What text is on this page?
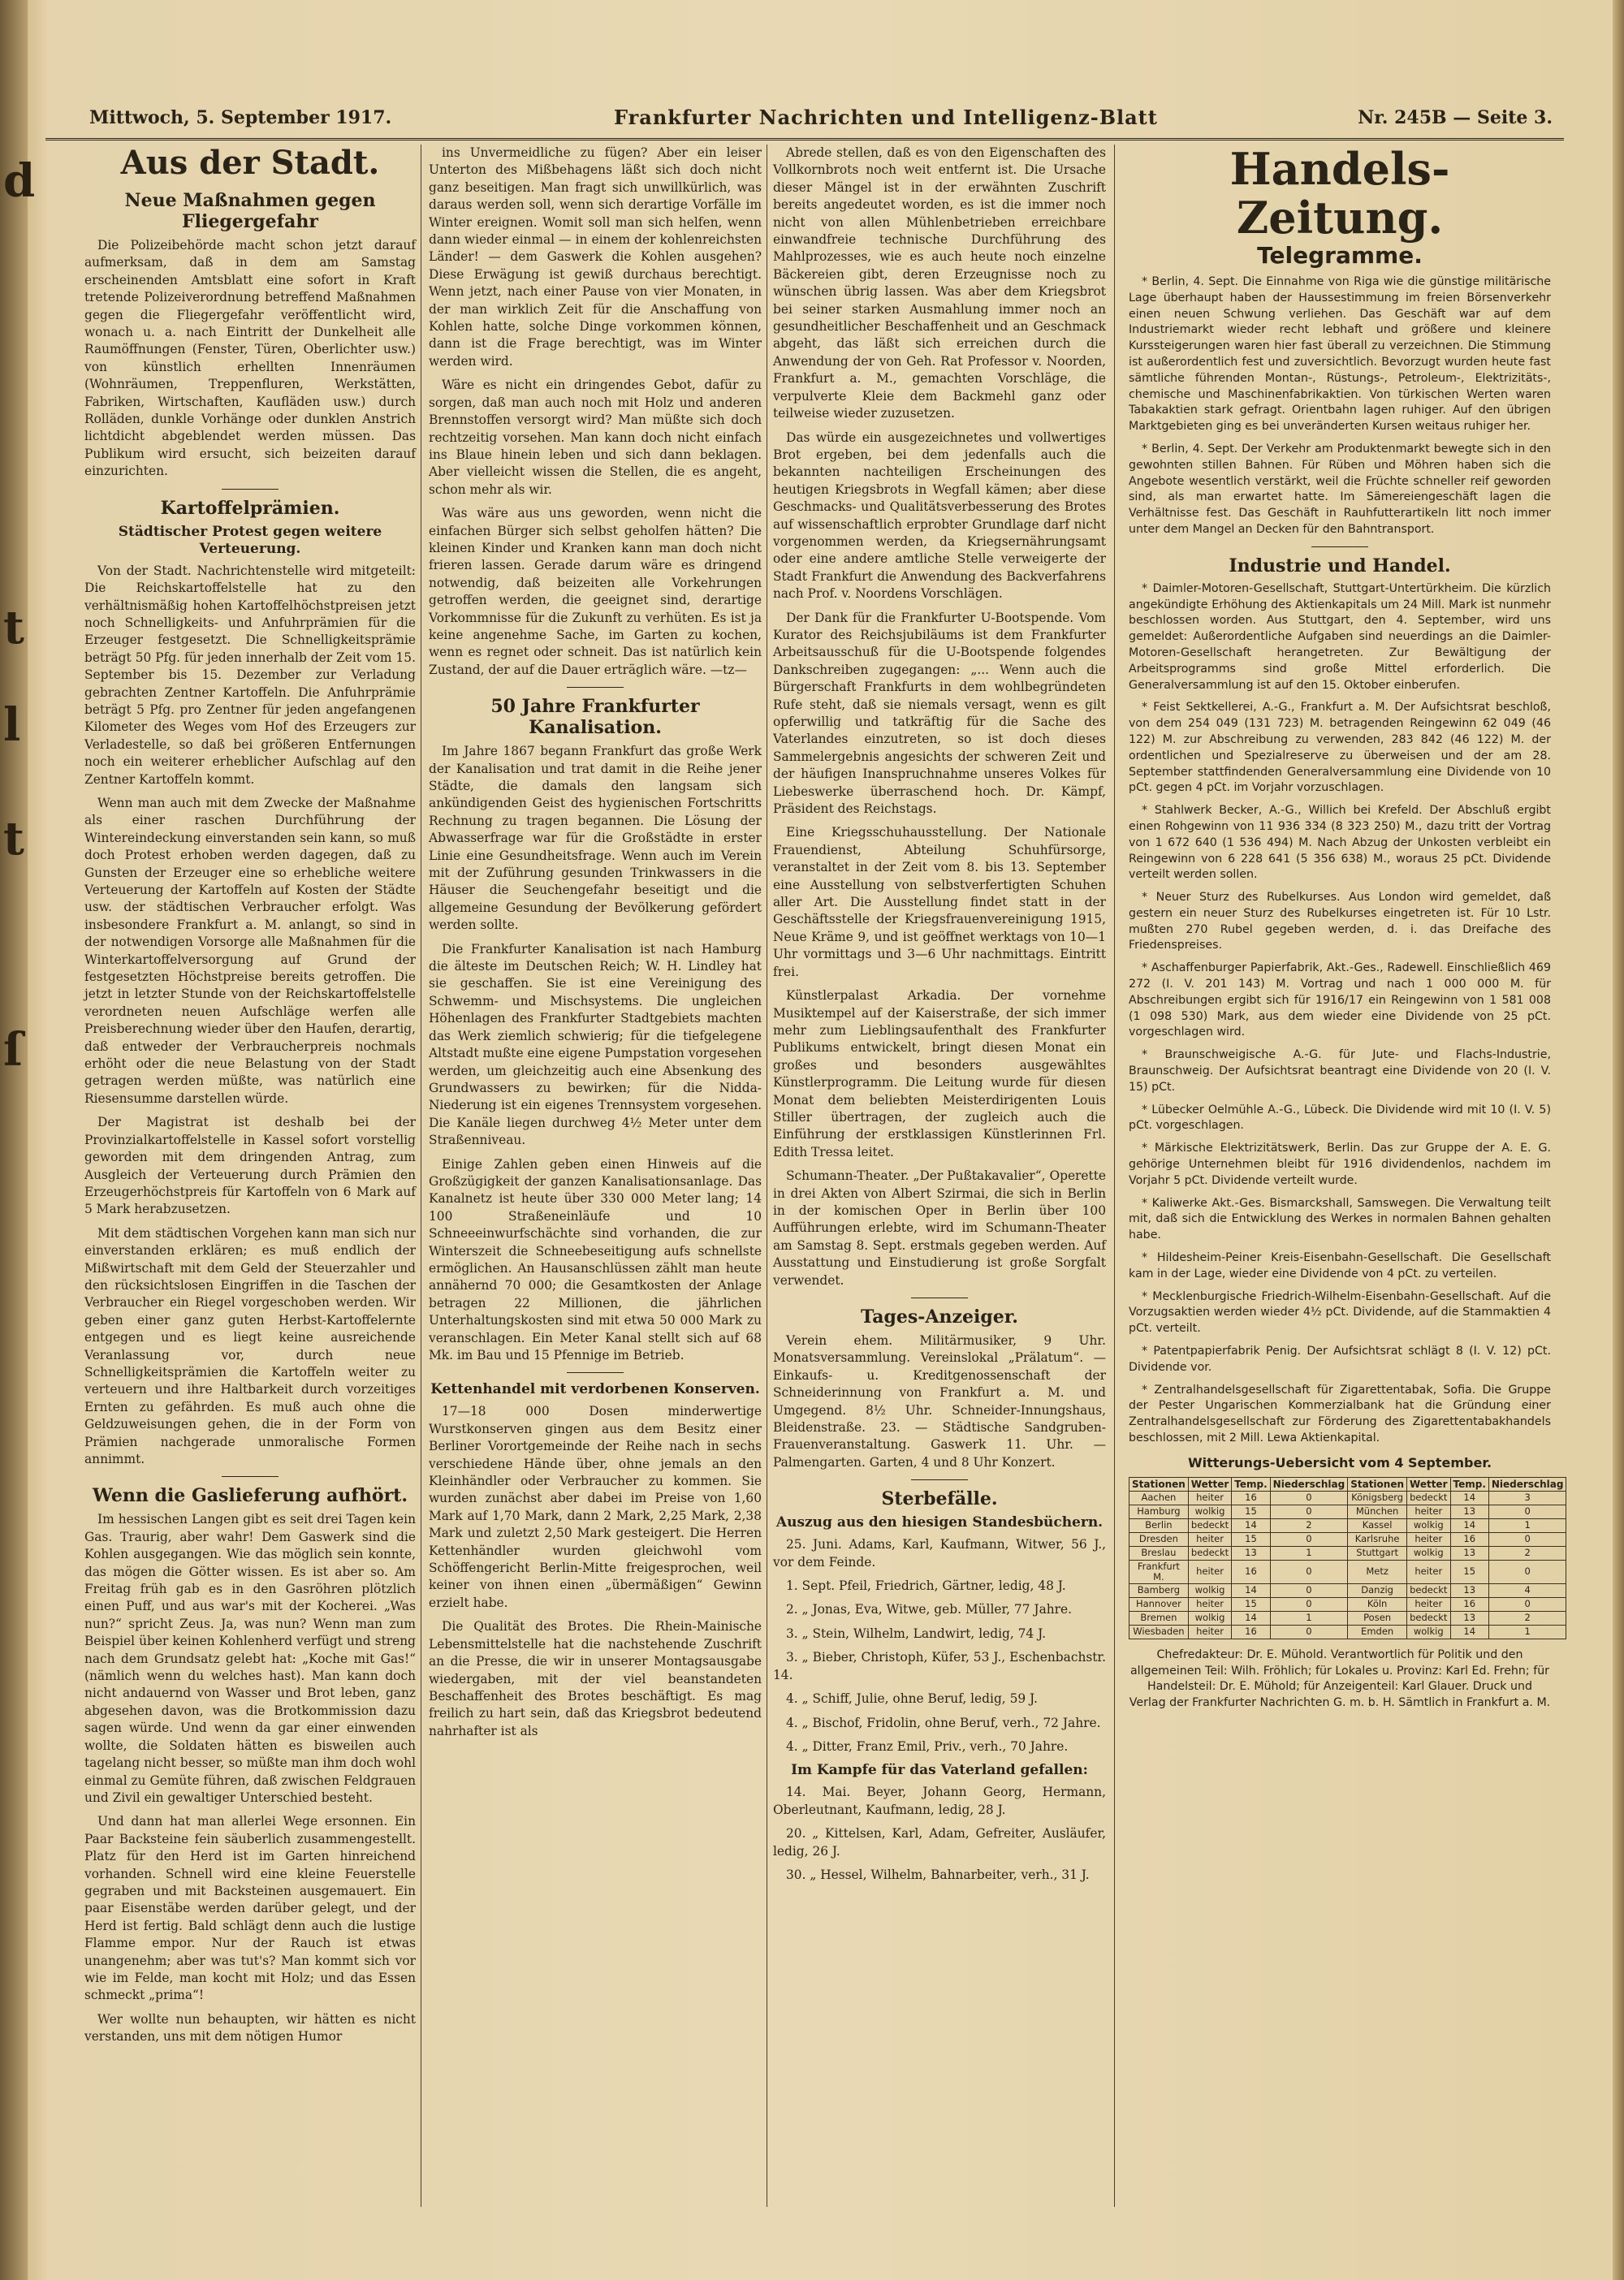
d
t
l
t
ſ
Mittwoch, 5. September 1917.	Frankfurter Nachrichten und Intelligenz-Blatt	Nr. 245B — Seite 3.
Aus der Stadt.
Neue Maßnahmen gegen Fliegergefahr

Die Polizeibehörde macht schon jetzt darauf aufmerksam, daß in dem am Samstag erscheinenden Amtsblatt eine sofort in Kraft tretende Polizeiverordnung betreffend Maßnahmen gegen die Fliegergefahr veröffentlicht wird, wonach u. a. nach Eintritt der Dunkelheit alle Raumöffnungen (Fenster, Türen, Oberlichter usw.) von künstlich erhellten Innenräumen (Wohnräumen, Treppenfluren, Werkstätten, Fabriken, Wirtschaften, Kaufläden usw.) durch Rolläden, dunkle Vorhänge oder dunklen Anstrich lichtdicht abgeblendet werden müssen. Das Publikum wird ersucht, sich beizeiten darauf einzurichten.

Kartoffelprämien.
Städtischer Protest gegen weitere Verteuerung.

Von der Stadt. Nachrichtenstelle wird mitgeteilt: Die Reichskartoffelstelle hat zu den verhältnismäßig hohen Kartoffelhöchstpreisen jetzt noch Schnelligkeits- und Anfuhrprämien für die Erzeuger festgesetzt. Die Schnelligkeitsprämie beträgt 50 Pfg. für jeden innerhalb der Zeit vom 15. September bis 15. Dezember zur Verladung gebrachten Zentner Kartoffeln. Die Anfuhrprämie beträgt 5 Pfg. pro Zentner für jeden angefangenen Kilometer des Weges vom Hof des Erzeugers zur Verladestelle, so daß bei größeren Entfernungen noch ein weiterer erheblicher Aufschlag auf den Zentner Kartoffeln kommt.

Wenn man auch mit dem Zwecke der Maßnahme als einer raschen Durchführung der Wintereindeckung einverstanden sein kann, so muß doch Protest erhoben werden dagegen, daß zu Gunsten der Erzeuger eine so erhebliche weitere Verteuerung der Kartoffeln auf Kosten der Städte usw. der städtischen Verbraucher erfolgt. Was insbesondere Frankfurt a. M. anlangt, so sind in der notwendigen Vorsorge alle Maßnahmen für die Winterkartoffelversorgung auf Grund der festgesetzten Höchstpreise bereits getroffen. Die jetzt in letzter Stunde von der Reichskartoffelstelle verordneten neuen Aufschläge werfen alle Preisberechnung wieder über den Haufen, derartig, daß entweder der Verbraucherpreis nochmals erhöht oder die neue Belastung von der Stadt getragen werden müßte, was natürlich eine Riesensumme darstellen würde.

Der Magistrat ist deshalb bei der Provinzialkartoffelstelle in Kassel sofort vorstellig geworden mit dem dringenden Antrag, zum Ausgleich der Verteuerung durch Prämien den Erzeugerhöchstpreis für Kartoffeln von 6 Mark auf 5 Mark herabzusetzen.

Mit dem städtischen Vorgehen kann man sich nur einverstanden erklären; es muß endlich der Mißwirtschaft mit dem Geld der Steuerzahler und den rücksichtslosen Eingriffen in die Taschen der Verbraucher ein Riegel vorgeschoben werden. Wir geben einer ganz guten Herbst-Kartoffelernte entgegen und es liegt keine ausreichende Veranlassung vor, durch neue Schnelligkeitsprämien die Kartoffeln weiter zu verteuern und ihre Haltbarkeit durch vorzeitiges Ernten zu gefährden. Es muß auch ohne die Geldzuweisungen gehen, die in der Form von Prämien nachgerade unmoralische Formen annimmt.

Wenn die Gaslieferung aufhört.

Im hessischen Langen gibt es seit drei Tagen kein Gas. Traurig, aber wahr! Dem Gaswerk sind die Kohlen ausgegangen. Wie das möglich sein konnte, das mögen die Götter wissen. Es ist aber so. Am Freitag früh gab es in den Gasröhren plötzlich einen Puff, und aus war's mit der Kocherei. „Was nun?“ spricht Zeus. Ja, was nun? Wenn man zum Beispiel über keinen Kohlenherd verfügt und streng nach dem Grundsatz gelebt hat: „Koche mit Gas!“ (nämlich wenn du welches hast). Man kann doch nicht andauernd von Wasser und Brot leben, ganz abgesehen davon, was die Brotkommission dazu sagen würde. Und wenn da gar einer einwenden wollte, die Soldaten hätten es bisweilen auch tagelang nicht besser, so müßte man ihm doch wohl einmal zu Gemüte führen, daß zwischen Feldgrauen und Zivil ein gewaltiger Unterschied besteht.

Und dann hat man allerlei Wege ersonnen. Ein Paar Backsteine fein säuberlich zusammengestellt. Platz für den Herd ist im Garten hinreichend vorhanden. Schnell wird eine kleine Feuerstelle gegraben und mit Backsteinen ausgemauert. Ein paar Eisenstäbe werden darüber gelegt, und der Herd ist fertig. Bald schlägt denn auch die lustige Flamme empor. Nur der Rauch ist etwas unangenehm; aber was tut's? Man kommt sich vor wie im Felde, man kocht mit Holz; und das Essen schmeckt „prima“!

Wer wollte nun behaupten, wir hätten es nicht verstanden, uns mit dem nötigen Humor

ins Unvermeidliche zu fügen? Aber ein leiser Unterton des Mißbehagens läßt sich doch nicht ganz beseitigen. Man fragt sich unwillkürlich, was daraus werden soll, wenn sich derartige Vorfälle im Winter ereignen. Womit soll man sich helfen, wenn dann wieder einmal — in einem der kohlenreichsten Länder! — dem Gaswerk die Kohlen ausgehen? Diese Erwägung ist gewiß durchaus berechtigt. Wenn jetzt, nach einer Pause von vier Monaten, in der man wirklich Zeit für die Anschaffung von Kohlen hatte, solche Dinge vorkommen können, dann ist die Frage berechtigt, was im Winter werden wird.

Wäre es nicht ein dringendes Gebot, dafür zu sorgen, daß man auch noch mit Holz und anderen Brennstoffen versorgt wird? Man müßte sich doch rechtzeitig vorsehen. Man kann doch nicht einfach ins Blaue hinein leben und sich dann beklagen. Aber vielleicht wissen die Stellen, die es angeht, schon mehr als wir.

Was wäre aus uns geworden, wenn nicht die einfachen Bürger sich selbst geholfen hätten? Die kleinen Kinder und Kranken kann man doch nicht frieren lassen. Gerade darum wäre es dringend notwendig, daß beizeiten alle Vorkehrungen getroffen werden, die geeignet sind, derartige Vorkommnisse für die Zukunft zu verhüten. Es ist ja keine angenehme Sache, im Garten zu kochen, wenn es regnet oder schneit. Das ist natürlich kein Zustand, der auf die Dauer erträglich wäre. —tz—

50 Jahre Frankfurter Kanalisation.

Im Jahre 1867 begann Frankfurt das große Werk der Kanalisation und trat damit in die Reihe jener Städte, die damals den langsam sich ankündigenden Geist des hygienischen Fortschritts Rechnung zu tragen begannen. Die Lösung der Abwasserfrage war für die Großstädte in erster Linie eine Gesundheitsfrage. Wenn auch im Verein mit der Zuführung gesunden Trinkwassers in die Häuser die Seuchengefahr beseitigt und die allgemeine Gesundung der Bevölkerung gefördert werden sollte.

Die Frankfurter Kanalisation ist nach Hamburg die älteste im Deutschen Reich; W. H. Lindley hat sie geschaffen. Sie ist eine Vereinigung des Schwemm- und Mischsystems. Die ungleichen Höhenlagen des Frankfurter Stadtgebiets machten das Werk ziemlich schwierig; für die tiefgelegene Altstadt mußte eine eigene Pumpstation vorgesehen werden, um gleichzeitig auch eine Absenkung des Grundwassers zu bewirken; für die Nidda-Niederung ist ein eigenes Trennsystem vorgesehen. Die Kanäle liegen durchweg 4½ Meter unter dem Straßenniveau.

Einige Zahlen geben einen Hinweis auf die Großzügigkeit der ganzen Kanalisationsanlage. Das Kanalnetz ist heute über 330 000 Meter lang; 14 100 Straßeneinläufe und 10 Schneeeinwurfschächte sind vorhanden, die zur Winterszeit die Schneebeseitigung aufs schnellste ermöglichen. An Hausanschlüssen zählt man heute annähernd 70 000; die Gesamtkosten der Anlage betragen 22 Millionen, die jährlichen Unterhaltungskosten sind mit etwa 50 000 Mark zu veranschlagen. Ein Meter Kanal stellt sich auf 68 Mk. im Bau und 15 Pfennige im Betrieb.

Kettenhandel mit verdorbenen Konserven.

17—18 000 Dosen minderwertige Wurstkonserven gingen aus dem Besitz einer Berliner Vorortgemeinde der Reihe nach in sechs verschiedene Hände über, ohne jemals an den Kleinhändler oder Verbraucher zu kommen. Sie wurden zunächst aber dabei im Preise von 1,60 Mark auf 1,70 Mark, dann 2 Mark, 2,25 Mark, 2,38 Mark und zuletzt 2,50 Mark gesteigert. Die Herren Kettenhändler wurden gleichwohl vom Schöffengericht Berlin-Mitte freigesprochen, weil keiner von ihnen einen „übermäßigen“ Gewinn erzielt habe.

Die Qualität des Brotes. Die Rhein-Mainische Lebensmittelstelle hat die nachstehende Zuschrift an die Presse, die wir in unserer Montagsausgabe wiedergaben, mit der viel beanstandeten Beschaffenheit des Brotes beschäftigt. Es mag freilich zu hart sein, daß das Kriegsbrot bedeutend nahrhafter ist als

Abrede stellen, daß es von den Eigenschaften des Vollkornbrots noch weit entfernt ist. Die Ursache dieser Mängel ist in der erwähnten Zuschrift bereits angedeutet worden, es ist die immer noch nicht von allen Mühlenbetrieben erreichbare einwandfreie technische Durchführung des Mahlprozesses, wie es auch heute noch einzelne Bäckereien gibt, deren Erzeugnisse noch zu wünschen übrig lassen. Was aber dem Kriegsbrot bei seiner starken Ausmahlung immer noch an gesundheitlicher Beschaffenheit und an Geschmack abgeht, das läßt sich erreichen durch die Anwendung der von Geh. Rat Professor v. Noorden, Frankfurt a. M., gemachten Vorschläge, die verpulverte Kleie dem Backmehl ganz oder teilweise wieder zuzusetzen.

Das würde ein ausgezeichnetes und vollwertiges Brot ergeben, bei dem jedenfalls auch die bekannten nachteiligen Erscheinungen des heutigen Kriegsbrots in Wegfall kämen; aber diese Geschmacks- und Qualitätsverbesserung des Brotes auf wissenschaftlich erprobter Grundlage darf nicht vorgenommen werden, da Kriegsernährungsamt oder eine andere amtliche Stelle verweigerte der Stadt Frankfurt die Anwendung des Backverfahrens nach Prof. v. Noordens Vorschlägen.

Der Dank für die Frankfurter U-Bootspende. Vom Kurator des Reichsjubiläums ist dem Frankfurter Arbeitsausschuß für die U-Bootspende folgendes Dankschreiben zugegangen: „... Wenn auch die Bürgerschaft Frankfurts in dem wohlbegründeten Rufe steht, daß sie niemals versagt, wenn es gilt opferwillig und tatkräftig für die Sache des Vaterlandes einzutreten, so ist doch dieses Sammelergebnis angesichts der schweren Zeit und der häufigen Inanspruchnahme unseres Volkes für Liebeswerke überraschend hoch. Dr. Kämpf, Präsident des Reichstags.

Eine Kriegsschuhausstellung. Der Nationale Frauendienst, Abteilung Schuhfürsorge, veranstaltet in der Zeit vom 8. bis 13. September eine Ausstellung von selbstverfertigten Schuhen aller Art. Die Ausstellung findet statt in der Geschäftsstelle der Kriegsfrauenvereinigung 1915, Neue Kräme 9, und ist geöffnet werktags von 10—1 Uhr vormittags und 3—6 Uhr nachmittags. Eintritt frei.

Künstlerpalast Arkadia. Der vornehme Musiktempel auf der Kaiserstraße, der sich immer mehr zum Lieblingsaufenthalt des Frankfurter Publikums entwickelt, bringt diesen Monat ein großes und besonders ausgewähltes Künstlerprogramm. Die Leitung wurde für diesen Monat dem beliebten Meisterdirigenten Louis Stiller übertragen, der zugleich auch die Einführung der erstklassigen Künstlerinnen Frl. Edith Tressa leitet.

Schumann-Theater. „Der Pußtakavalier“, Operette in drei Akten von Albert Szirmai, die sich in Berlin in der komischen Oper in Berlin über 100 Aufführungen erlebte, wird im Schumann-Theater am Samstag 8. Sept. erstmals gegeben werden. Auf Ausstattung und Einstudierung ist große Sorgfalt verwendet.

Tages-Anzeiger.

Verein ehem. Militärmusiker, 9 Uhr. Monatsversammlung. Vereinslokal „Prälatum“. — Einkaufs- u. Kreditgenossenschaft der Schneiderinnung von Frankfurt a. M. und Umgegend. 8½ Uhr. Schneider-Innungshaus, Bleidenstraße. 23. — Städtische Sandgruben-Frauenveranstaltung. Gaswerk 11. Uhr. — Palmengarten. Garten, 4 und 8 Uhr Konzert.

Sterbefälle.
Auszug aus den hiesigen Standesbüchern.

25. Juni. Adams, Karl, Kaufmann, Witwer, 56 J., vor dem Feinde.

1. Sept. Pfeil, Friedrich, Gärtner, ledig, 48 J.

2. „ Jonas, Eva, Witwe, geb. Müller, 77 Jahre.

3. „ Stein, Wilhelm, Landwirt, ledig, 74 J.

3. „ Bieber, Christoph, Küfer, 53 J., Eschenbachstr. 14.

4. „ Schiff, Julie, ohne Beruf, ledig, 59 J.

4. „ Bischof, Fridolin, ohne Beruf, verh., 72 Jahre.

4. „ Ditter, Franz Emil, Priv., verh., 70 Jahre.

Im Kampfe für das Vaterland gefallen:

14. Mai. Beyer, Johann Georg, Hermann, Oberleutnant, Kaufmann, ledig, 28 J.

20. „ Kittelsen, Karl, Adam, Gefreiter, Ausläufer, ledig, 26 J.

30. „ Hessel, Wilhelm, Bahnarbeiter, verh., 31 J.

Handels-Zeitung.
Telegramme.

* Berlin, 4. Sept. Die Einnahme von Riga wie die günstige militärische Lage überhaupt haben der Haussestimmung im freien Börsenverkehr einen neuen Schwung verliehen. Das Geschäft war auf dem Industriemarkt wieder recht lebhaft und größere und kleinere Kurssteigerungen waren hier fast überall zu verzeichnen. Die Stimmung ist außerordentlich fest und zuversichtlich. Bevorzugt wurden heute fast sämtliche führenden Montan-, Rüstungs-, Petroleum-, Elektrizitäts-, chemische und Maschinenfabrikaktien. Von türkischen Werten waren Tabakaktien stark gefragt. Orientbahn lagen ruhiger. Auf den übrigen Marktgebieten ging es bei unveränderten Kursen weitaus ruhiger her.

* Berlin, 4. Sept. Der Verkehr am Produktenmarkt bewegte sich in den gewohnten stillen Bahnen. Für Rüben und Möhren haben sich die Angebote wesentlich verstärkt, weil die Früchte schneller reif geworden sind, als man erwartet hatte. Im Sämereiengeschäft lagen die Verhältnisse fest. Das Geschäft in Rauhfutterartikeln litt noch immer unter dem Mangel an Decken für den Bahntransport.

Industrie und Handel.

* Daimler-Motoren-Gesellschaft, Stuttgart-Untertürkheim. Die kürzlich angekündigte Erhöhung des Aktienkapitals um 24 Mill. Mark ist nunmehr beschlossen worden. Aus Stuttgart, den 4. September, wird uns gemeldet: Außerordentliche Aufgaben sind neuerdings an die Daimler-Motoren-Gesellschaft herangetreten. Zur Bewältigung der Arbeitsprogramms sind große Mittel erforderlich. Die Generalversammlung ist auf den 15. Oktober einberufen.

* Feist Sektkellerei, A.-G., Frankfurt a. M. Der Aufsichtsrat beschloß, von dem 254 049 (131 723) M. betragenden Reingewinn 62 049 (46 122) M. zur Abschreibung zu verwenden, 283 842 (46 122) M. der ordentlichen und Spezialreserve zu überweisen und der am 28. September stattfindenden Generalversammlung eine Dividende von 10 pCt. gegen 4 pCt. im Vorjahr vorzuschlagen.

* Stahlwerk Becker, A.-G., Willich bei Krefeld. Der Abschluß ergibt einen Rohgewinn von 11 936 334 (8 323 250) M., dazu tritt der Vortrag von 1 672 640 (1 536 494) M. Nach Abzug der Unkosten verbleibt ein Reingewinn von 6 228 641 (5 356 638) M., woraus 25 pCt. Dividende verteilt werden sollen.

* Neuer Sturz des Rubelkurses. Aus London wird gemeldet, daß gestern ein neuer Sturz des Rubelkurses eingetreten ist. Für 10 Lstr. mußten 270 Rubel gegeben werden, d. i. das Dreifache des Friedenspreises.

* Aschaffenburger Papierfabrik, Akt.-Ges., Radewell. Einschließlich 469 272 (I. V. 201 143) M. Vortrag und nach 1 000 000 M. für Abschreibungen ergibt sich für 1916/17 ein Reingewinn von 1 581 008 (1 098 530) Mark, aus dem wieder eine Dividende von 25 pCt. vorgeschlagen wird.

* Braunschweigische A.-G. für Jute- und Flachs-Industrie, Braunschweig. Der Aufsichtsrat beantragt eine Dividende von 20 (I. V. 15) pCt.

* Lübecker Oelmühle A.-G., Lübeck. Die Dividende wird mit 10 (I. V. 5) pCt. vorgeschlagen.

* Märkische Elektrizitätswerk, Berlin. Das zur Gruppe der A. E. G. gehörige Unternehmen bleibt für 1916 dividendenlos, nachdem im Vorjahr 5 pCt. Dividende verteilt wurde.

* Kaliwerke Akt.-Ges. Bismarckshall, Samswegen. Die Verwaltung teilt mit, daß sich die Entwicklung des Werkes in normalen Bahnen gehalten habe.

* Hildesheim-Peiner Kreis-Eisenbahn-Gesellschaft. Die Gesellschaft kam in der Lage, wieder eine Dividende von 4 pCt. zu verteilen.

* Mecklenburgische Friedrich-Wilhelm-Eisenbahn-Gesellschaft. Auf die Vorzugsaktien werden wieder 4½ pCt. Dividende, auf die Stammaktien 4 pCt. verteilt.

* Patentpapierfabrik Penig. Der Aufsichtsrat schlägt 8 (I. V. 12) pCt. Dividende vor.

* Zentralhandelsgesellschaft für Zigarettentabak, Sofia. Die Gruppe der Pester Ungarischen Kommerzialbank hat die Gründung einer Zentralhandelsgesellschaft zur Förderung des Zigarettentabakhandels beschlossen, mit 2 Mill. Lewa Aktienkapital.

Witterungs-Uebersicht vom 4 September.
Stationen	Wetter	Temp.	Niederschlag	Stationen	Wetter	Temp.	Niederschlag
Aachen	heiter	16	0	Königsberg	bedeckt	14	3
Hamburg	wolkig	15	0	München	heiter	13	0
Berlin	bedeckt	14	2	Kassel	wolkig	14	1
Dresden	heiter	15	0	Karlsruhe	heiter	16	0
Breslau	bedeckt	13	1	Stuttgart	wolkig	13	2
Frankfurt M.	heiter	16	0	Metz	heiter	15	0
Bamberg	wolkig	14	0	Danzig	bedeckt	13	4
Hannover	heiter	15	0	Köln	heiter	16	0
Bremen	wolkig	14	1	Posen	bedeckt	13	2
Wiesbaden	heiter	16	0	Emden	wolkig	14	1

Chefredakteur: Dr. E. Mühold. Verantwortlich für Politik und den allgemeinen Teil: Wilh. Fröhlich; für Lokales u. Provinz: Karl Ed. Frehn; für Handelsteil: Dr. E. Mühold; für Anzeigenteil: Karl Glauer. Druck und Verlag der Frankfurter Nachrichten G. m. b. H. Sämtlich in Frankfurt a. M.
